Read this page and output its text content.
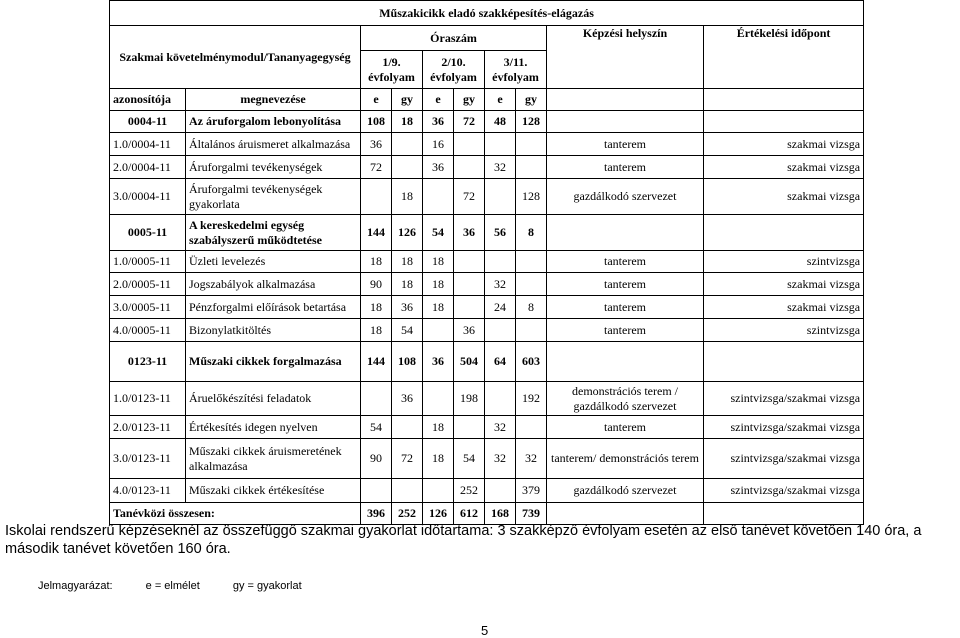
Műszakicikk eladó szakképesítés-elágazás									
Szakmai követelménymodul/Tananyagegység		Óraszám						Képzési helyszín	Értékelési időpont
		1/9. évfolyam		2/10. évfolyam		3/11. évfolyam			

azonosítója	megnevezése	e	gy	e	gy	e	gy		
0004-11	Az áruforgalom lebonyolítása	108	18	36	72	48	128		
1.0/0004-11	Általános áruismeret alkalmazása	36		16				tanterem	szakmai vizsga
2.0/0004-11	Áruforgalmi tevékenységek	72		36		32		tanterem	szakmai vizsga
3.0/0004-11	Áruforgalmi tevékenységek gyakorlata		18		72		128	gazdálkodó szervezet	szakmai vizsga
0005-11	A kereskedelmi egység szabályszerű működtetése	144	126	54	36	56	8		
1.0/0005-11	Üzleti levelezés	18	18	18				tanterem	szintvizsga
2.0/0005-11	Jogszabályok alkalmazása	90	18	18		32		tanterem	szakmai vizsga
3.0/0005-11	Pénzforgalmi előírások betartása	18	36	18		24	8	tanterem	szakmai vizsga
4.0/0005-11	Bizonylatkitöltés	18	54		36			tanterem	szintvizsga
0123-11	Műszaki cikkek forgalmazása	144	108	36	504	64	603		
1.0/0123-11	Áruelőkészítési feladatok		36		198		192	demonstrációs terem / gazdálkodó szervezet	szintvizsga/szakmai vizsga
2.0/0123-11	Értékesítés idegen nyelven	54		18		32		tanterem	szintvizsga/szakmai vizsga
3.0/0123-11	Műszaki cikkek áruismeretének alkalmazása	90	72	18	54	32	32	tanterem/ demonstrációs terem	szintvizsga/szakmai vizsga
4.0/0123-11	Műszaki cikkek értékesítése				252		379	gazdálkodó szervezet	szintvizsga/szakmai vizsga
Tanévközi összesen:		396	252	126	612	168	739		
Iskolai rendszerű képzéseknél az összefüggő szakmai gyakorlat időtartama: 3 szakképző évfolyam esetén az első tanévet követően 140 óra, a második tanévet követően 160 óra.
Jelmagyarázat:	e = elmélet	gy = gyakorlat
5
